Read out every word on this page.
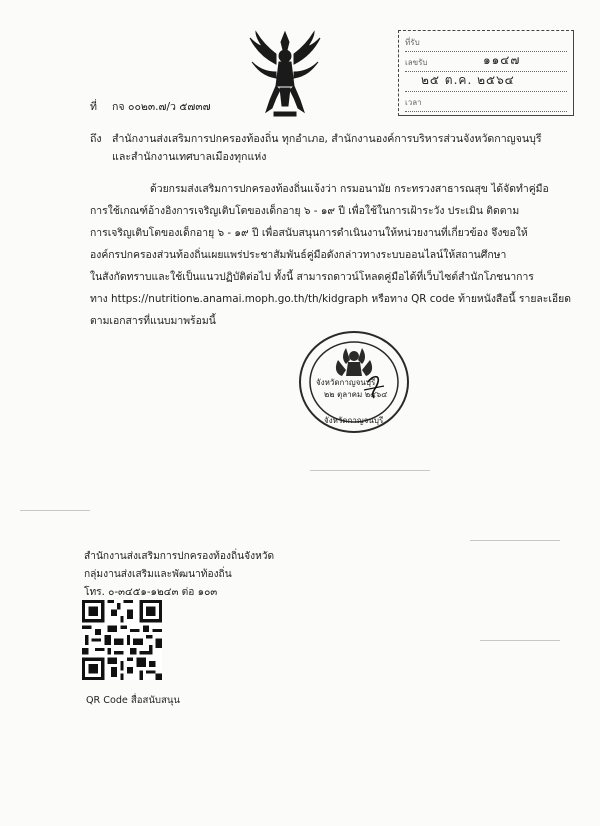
ที่รับ
เลขรับ	๑๑๔๗
๒๕ ต.ค. ๒๕๖๔
เวลา
ที่ กจ ๐๐๒๓.๗/ว ๕๗๓๗
ถึง สำนักงานส่งเสริมการปกครองท้องถิ่น ทุกอำเภอ, สำนักงานองค์การบริหารส่วนจังหวัดกาญจนบุรี
และสำนักงานเทศบาลเมืองทุกแห่ง
ด้วยกรมส่งเสริมการปกครองท้องถิ่นแจ้งว่า กรมอนามัย กระทรวงสาธารณสุข ได้จัดทำคู่มือ
การใช้เกณฑ์อ้างอิงการเจริญเติบโตของเด็กอายุ ๖ - ๑๙ ปี เพื่อใช้ในการเฝ้าระวัง ประเมิน ติดตาม
การเจริญเติบโตของเด็กอายุ ๖ - ๑๙ ปี เพื่อสนับสนุนการดำเนินงานให้หน่วยงานที่เกี่ยวข้อง จึงขอให้
องค์กรปกครองส่วนท้องถิ่นเผยแพร่ประชาสัมพันธ์คู่มือดังกล่าวทางระบบออนไลน์ให้สถานศึกษา
ในสังกัดทราบและใช้เป็นแนวปฏิบัติต่อไป ทั้งนี้ สามารถดาวน์โหลดคู่มือได้ที่เว็บไซต์สำนักโภชนาการ
ทาง https://nutrition๒.anamai.moph.go.th/th/kidgraph หรือทาง QR code ท้ายหนังสือนี้ รายละเอียด
ตามเอกสารที่แนบมาพร้อมนี้
จังหวัดกาญจนบุรี
๒๒ ตุลาคม ๒๕๖๔
จังหวัดกาญจนบุรี
สำนักงานส่งเสริมการปกครองท้องถิ่นจังหวัด
กลุ่มงานส่งเสริมและพัฒนาท้องถิ่น
โทร. ๐-๓๔๕๑-๑๒๔๓ ต่อ ๑๐๓
QR Code สื่อสนับสนุน
